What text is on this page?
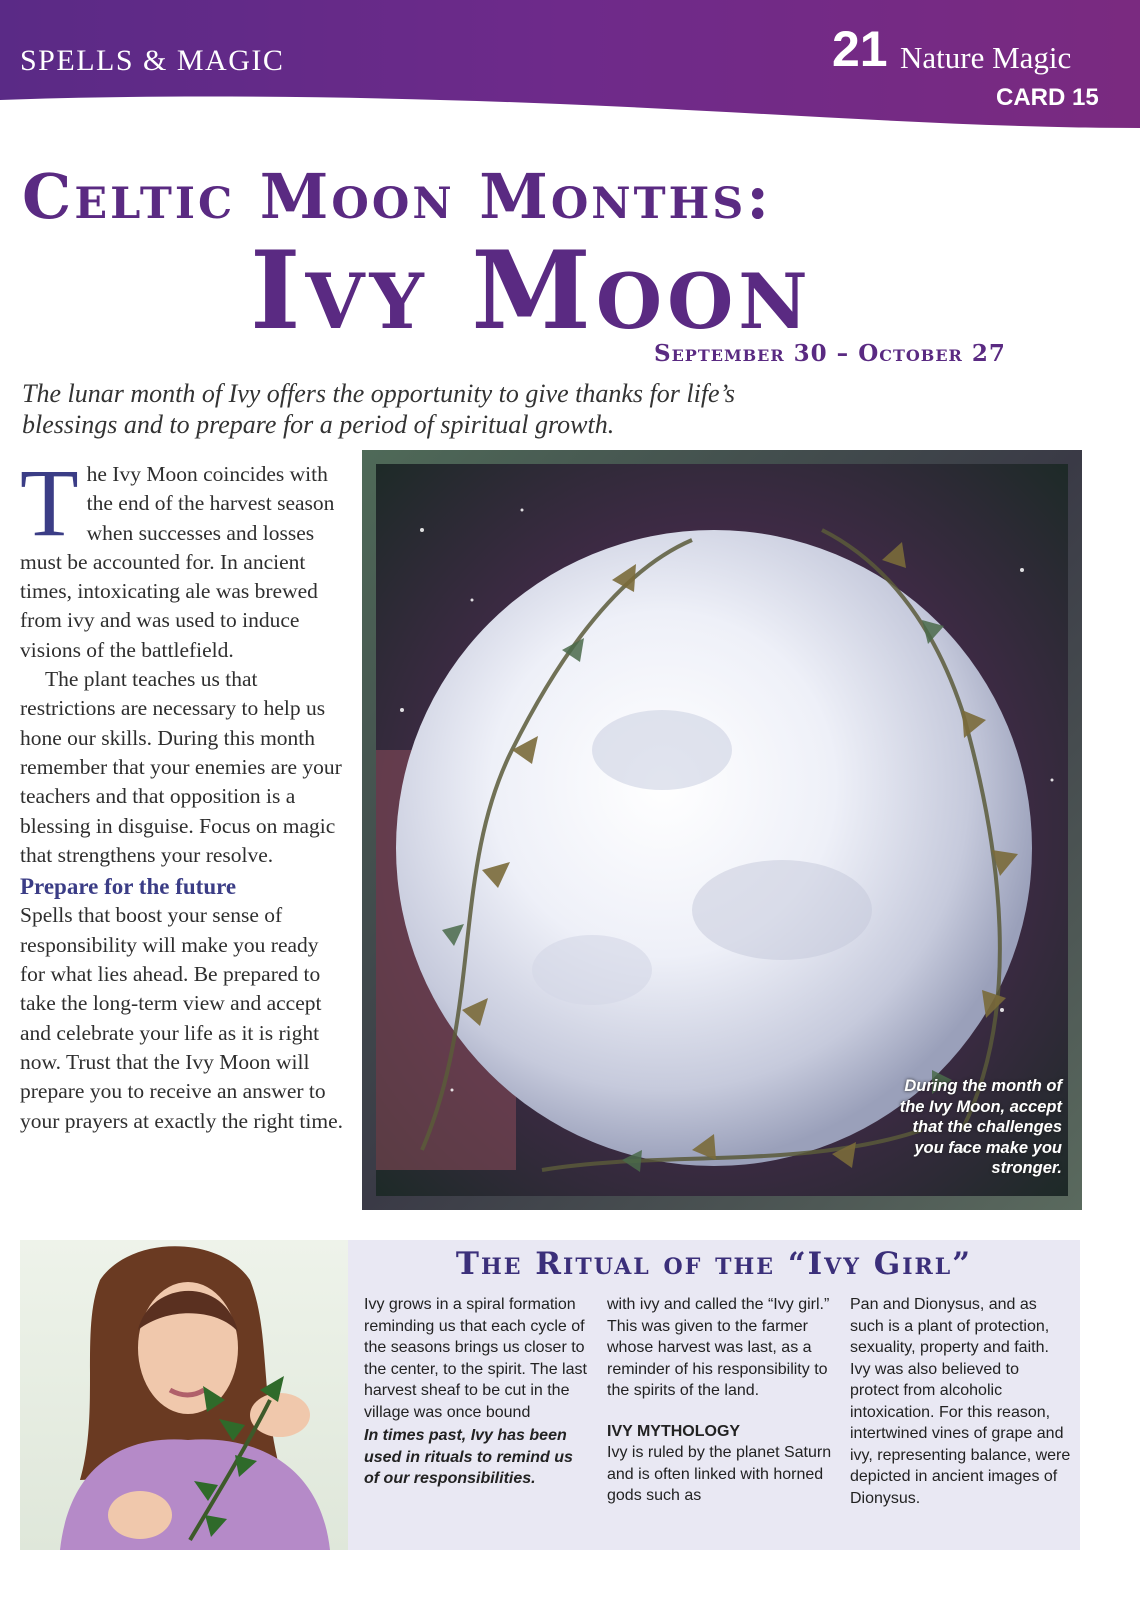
SPELLS & MAGIC	21 Nature Magic
CARD 15
Celtic Moon Months:
Ivy Moon
September 30 – October 27
The lunar month of Ivy offers the opportunity to give thanks for life’s blessings and to prepare for a period of spiritual growth.
T he Ivy Moon coincides with the end of the harvest season when successes and losses must be accounted for. In ancient times, intoxicating ale was brewed from ivy and was used to induce visions of the battlefield.

The plant teaches us that restrictions are necessary to help us hone our skills. During this month remember that your enemies are your teachers and that opposition is a blessing in disguise. Focus on magic that strengthens your resolve.

Prepare for the future

Spells that boost your sense of responsibility will make you ready for what lies ahead. Be prepared to take the long-term view and accept and celebrate your life as it is right now. Trust that the Ivy Moon will prepare you to receive an answer to your prayers at exactly the right time.

During the month of the Ivy Moon, accept that the challenges you face make you stronger.
The Ritual of the “Ivy Girl”

Ivy grows in a spiral formation reminding us that each cycle of the seasons brings us closer to the center, to the spirit. The last harvest sheaf to be cut in the village was once bound

In times past, Ivy has been used in rituals to remind us of our responsibilities.

with ivy and called the “Ivy girl.” This was given to the farmer whose harvest was last, as a reminder of his responsibility to the spirits of the land.

IVY MYTHOLOGY

Ivy is ruled by the planet Saturn and is often linked with horned gods such as

Pan and Dionysus, and as such is a plant of protection, sexuality, property and faith.

Ivy was also believed to protect from alcoholic intoxication. For this reason, intertwined vines of grape and ivy, representing balance, were depicted in ancient images of Dionysus.
